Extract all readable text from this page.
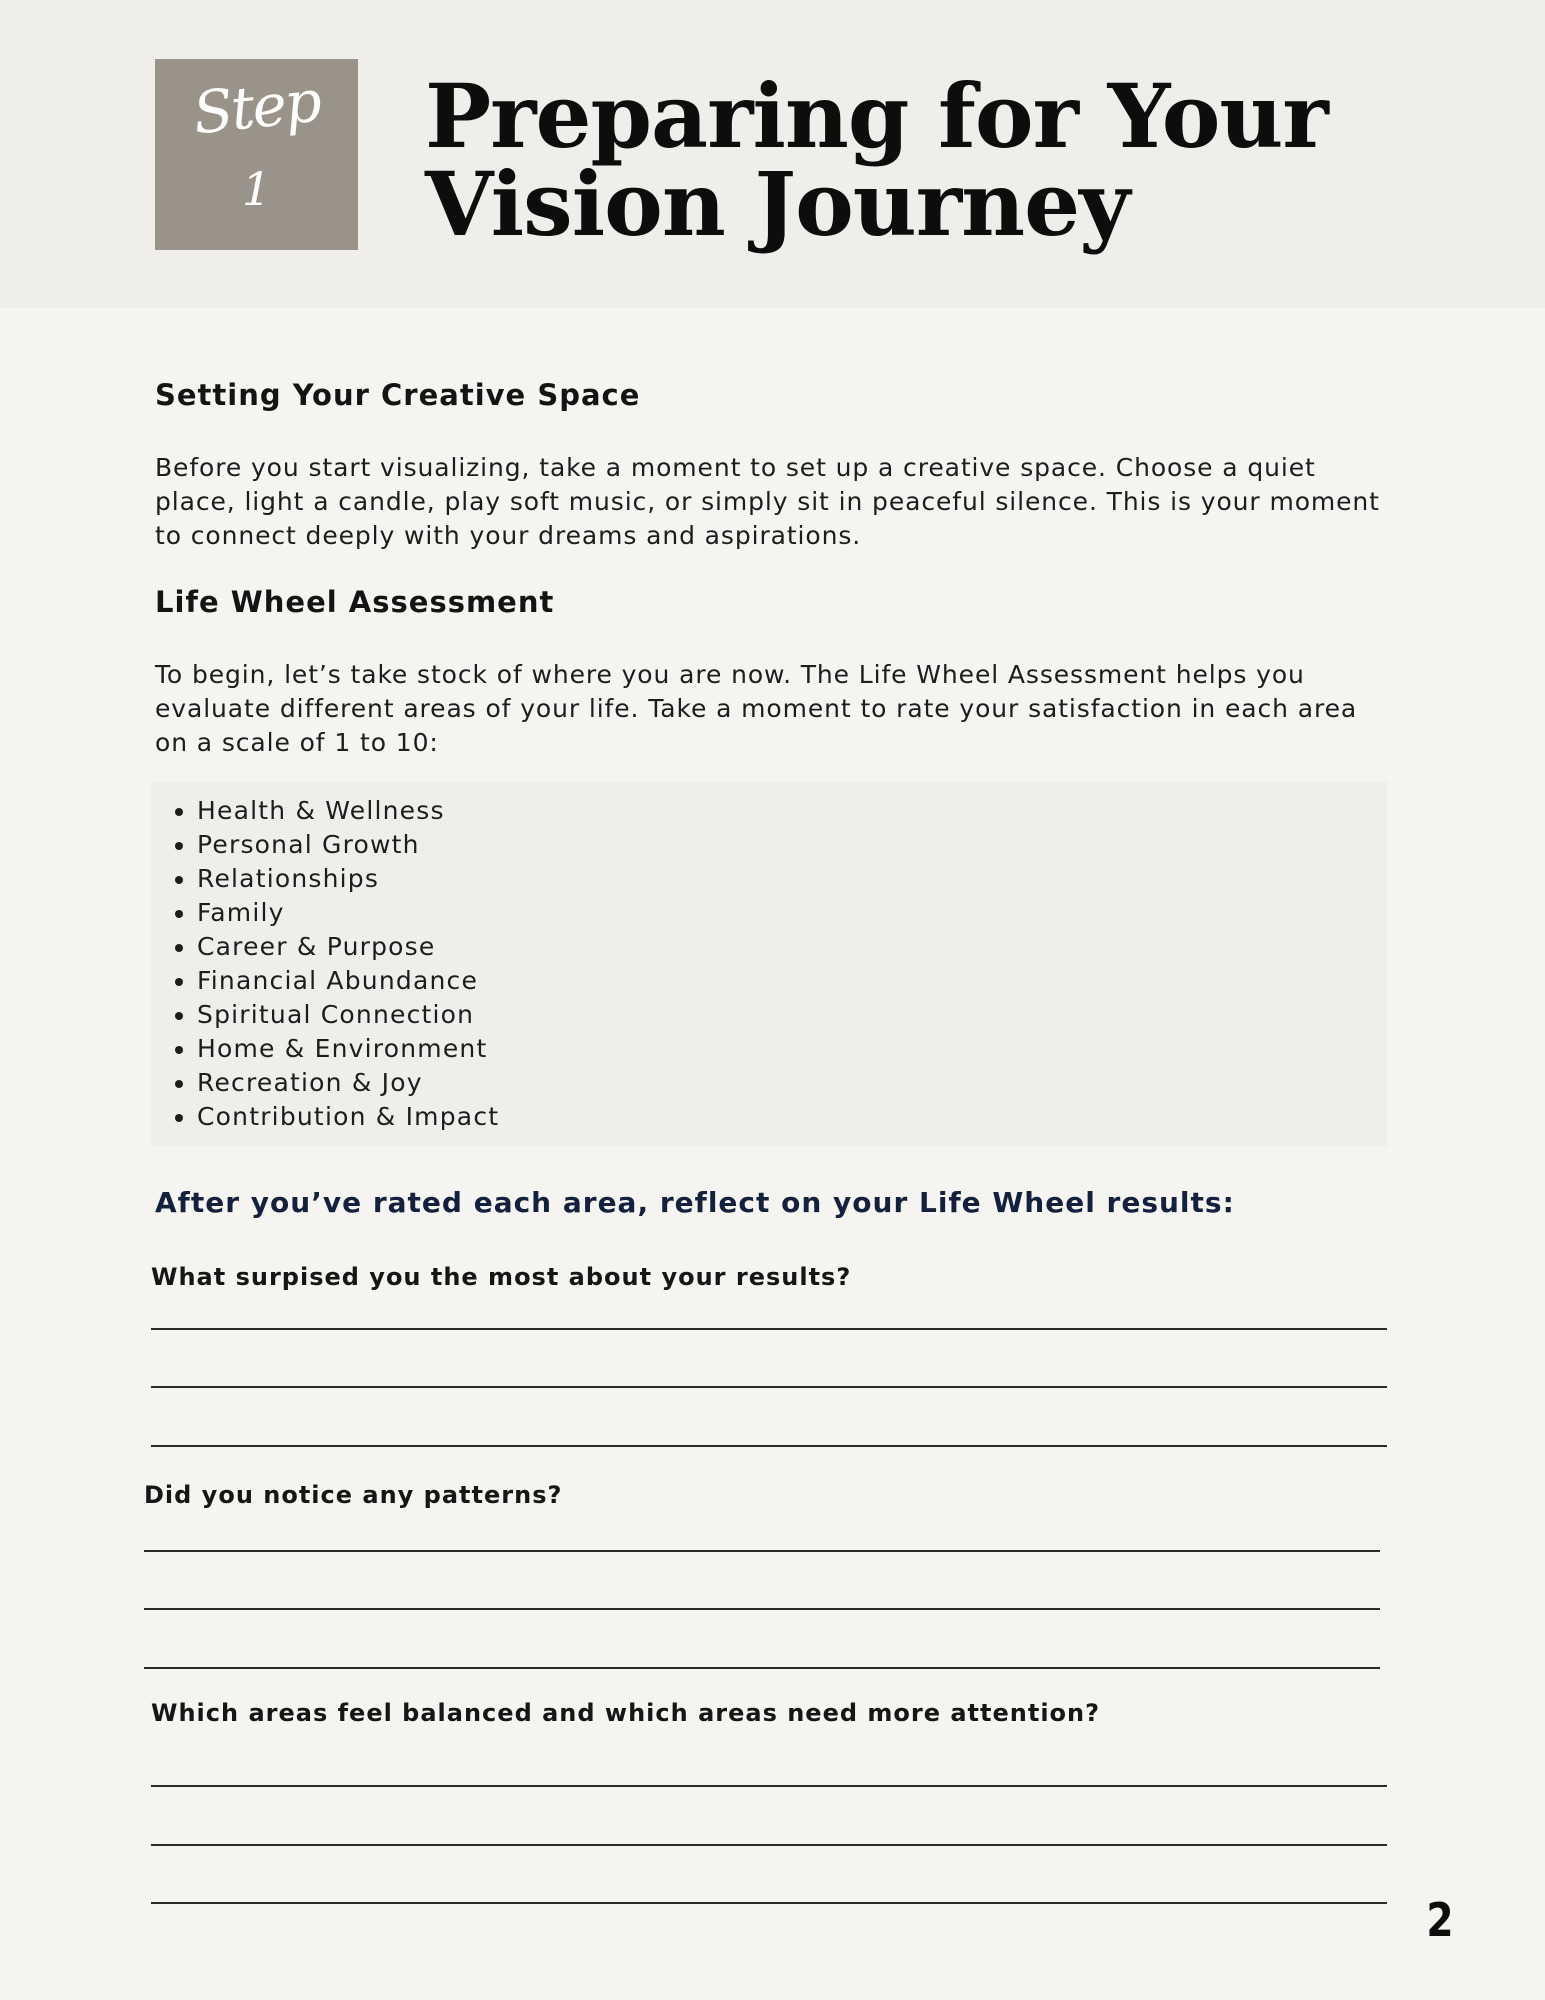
Step
1
Preparing for Your
Vision Journey
Setting Your Creative Space

Before you start visualizing, take a moment to set up a creative space. Choose a quiet place, light a candle, play soft music, or simply sit in peaceful silence. This is your moment to connect deeply with your dreams and aspirations.

Life Wheel Assessment

To begin, let’s take stock of where you are now. The Life Wheel Assessment helps you evaluate different areas of your life. Take a moment to rate your satisfaction in each area on a scale of 1 to 10:

• Health & Wellness
• Personal Growth
• Relationships
• Family
• Career & Purpose
• Financial Abundance
• Spiritual Connection
• Home & Environment
• Recreation & Joy
• Contribution & Impact
After you’ve rated each area, reflect on your Life Wheel results:

What surpised you the most about your results?

Did you notice any patterns?

Which areas feel balanced and which areas need more attention?

2
